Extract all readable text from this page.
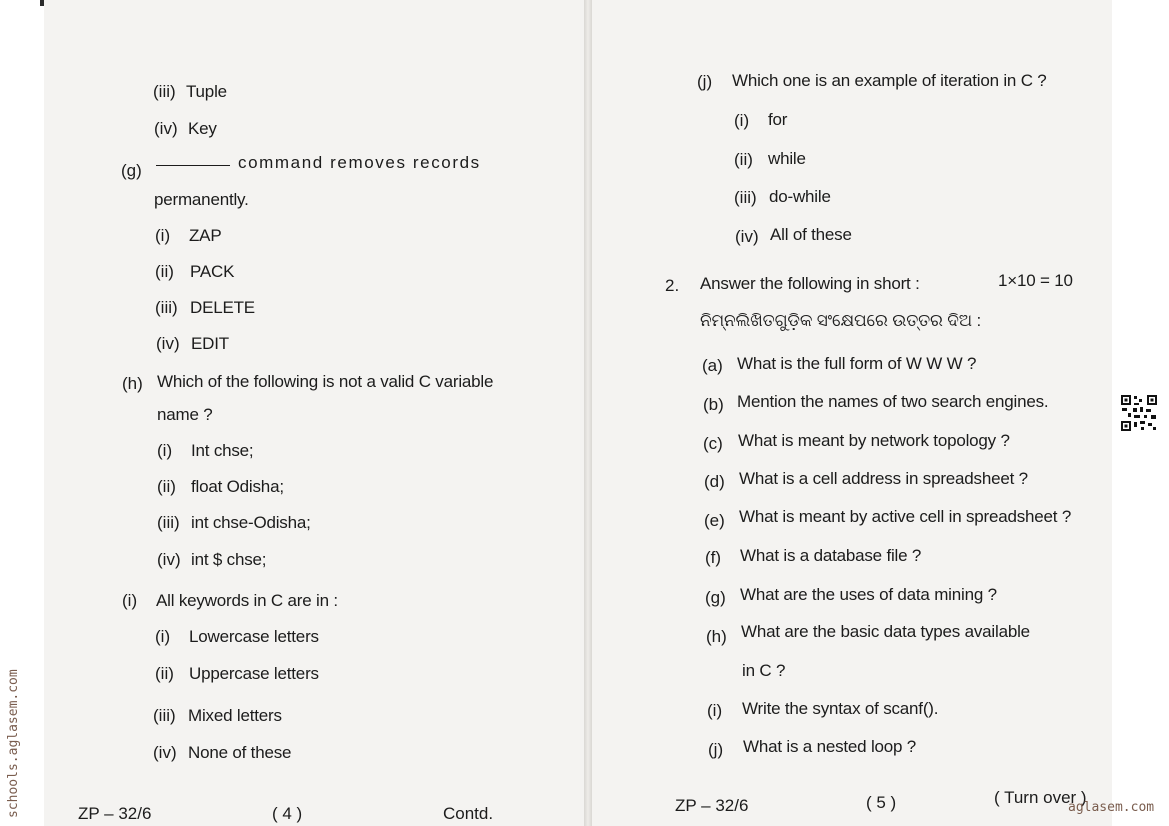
(iii) Tuple
(iv) Key
(g)	command removes records
permanently.
(i) ZAP
(ii) PACK
(iii) DELETE
(iv) EDIT
(h) Which of the following is not a valid C variable
name ?
(i) Int chse;
(ii) float Odisha;
(iii) int chse-Odisha;
(iv) int $ chse;
(i) All keywords in C are in :
(i) Lowercase letters
(ii) Uppercase letters
(iii) Mixed letters
(iv) None of these
ZP – 32/6	( 4 )	Contd.
(j) Which one is an example of iteration in C ?
(i) for
(ii) while
(iii) do-while
(iv) All of these
2. Answer the following in short :	1×10 = 10
ନିମ୍ନଲିଖିତଗୁଡ଼ିକ ସଂକ୍ଷେପରେ ଉତ୍ତର ଦିଅ :
(a) What is the full form of W W W ?
(b) Mention the names of two search engines.
(c) What is meant by network topology ?
(d) What is a cell address in spreadsheet ?
(e) What is meant by active cell in spreadsheet ?
(f) What is a database file ?
(g) What are the uses of data mining ?
(h) What are the basic data types available
in C ?
(i) Write the syntax of scanf().
(j) What is a nested loop ?
ZP – 32/6	( 5 )	( Turn over )
schools.aglasem.com	aglasem.com
